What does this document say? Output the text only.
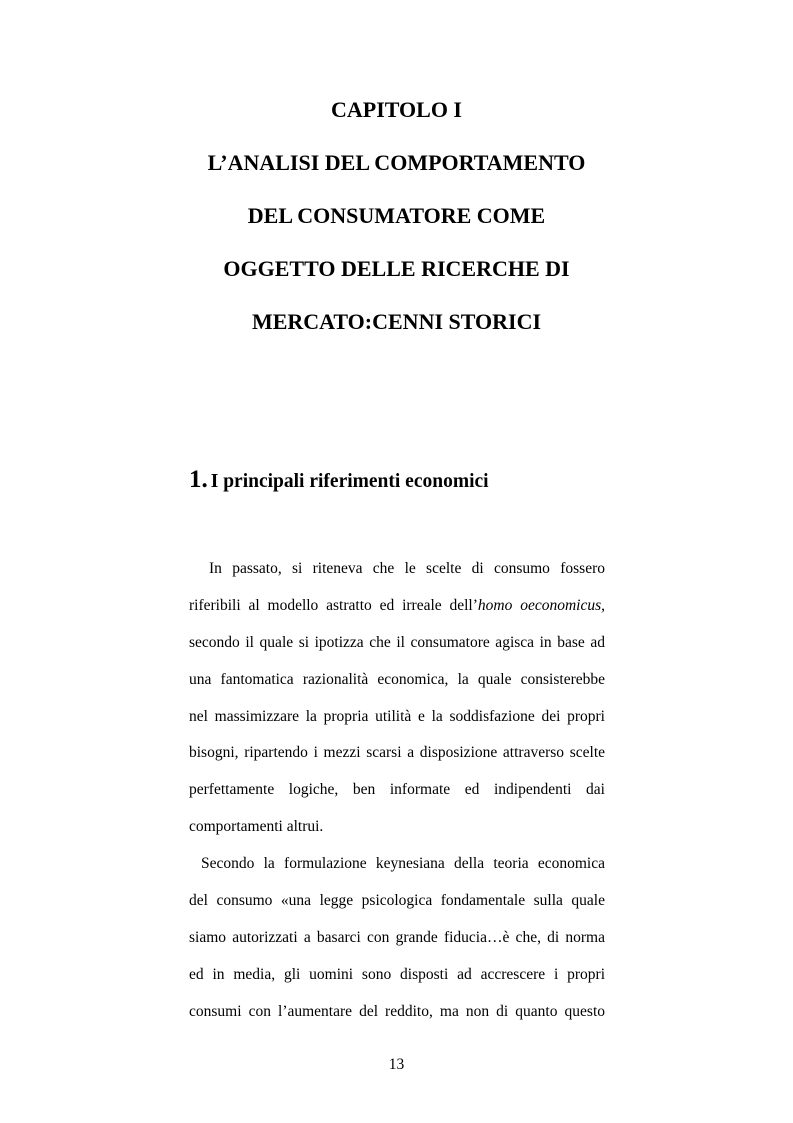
CAPITOLO I
L’ANALISI DEL COMPORTAMENTO
DEL CONSUMATORE COME
OGGETTO DELLE RICERCHE DI
MERCATO:CENNI STORICI
1. I principali riferimenti economici
In passato, si riteneva che le scelte di consumo fossero
riferibili al modello astratto ed irreale dell’homo oeconomicus,
secondo il quale si ipotizza che il consumatore agisca in base ad
una fantomatica razionalità economica, la quale consisterebbe
nel massimizzare la propria utilità e la soddisfazione dei propri
bisogni, ripartendo i mezzi scarsi a disposizione attraverso scelte
perfettamente logiche, ben informate ed indipendenti dai
comportamenti altrui.
Secondo la formulazione keynesiana della teoria economica
del consumo «una legge psicologica fondamentale sulla quale
siamo autorizzati a basarci con grande fiducia…è che, di norma
ed in media, gli uomini sono disposti ad accrescere i propri
consumi con l’aumentare del reddito, ma non di quanto questo
13
